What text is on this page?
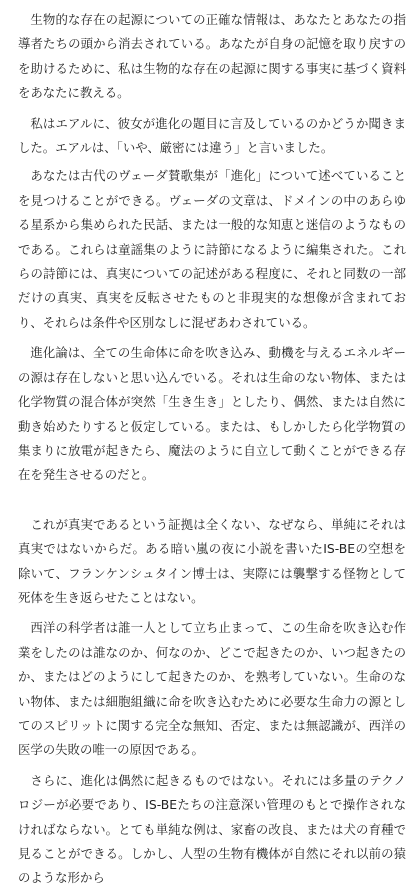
生物的な存在の起源についての正確な情報は、あなたとあなたの指導者たちの頭から消去されている。あなたが自身の記憶を取り戻すのを助けるために、私は生物的な存在の起源に関する事実に基づく資料をあなたに教える。

私はエアルに、彼女が進化の題目に言及しているのかどうか聞きました。エアルは、「いや、厳密には違う」と言いました。

あなたは古代のヴェーダ賛歌集が「進化」について述べていることを見つけることができる。ヴェーダの文章は、ドメインの中のあらゆる星系から集められた民話、または一般的な知恵と迷信のようなものである。これらは童謡集のように詩節になるように編集された。これらの詩節には、真実についての記述がある程度に、それと同数の一部だけの真実、真実を反転させたものと非現実的な想像が含まれており、それらは条件や区別なしに混ぜあわされている。

進化論は、全ての生命体に命を吹き込み、動機を与えるエネルギーの源は存在しないと思い込んでいる。それは生命のない物体、または化学物質の混合体が突然「生き生き」としたり、偶然、または自然に動き始めたりすると仮定している。または、もしかしたら化学物質の集まりに放電が起きたら、魔法のように自立して動くことができる存在を発生させるのだと。

これが真実であるという証拠は全くない、なぜなら、単純にそれは真実ではないからだ。ある暗い嵐の夜に小説を書いたIS-BEの空想を除いて、フランケンシュタイン博士は、実際には襲撃する怪物として死体を生き返らせたことはない。

西洋の科学者は誰一人として立ち止まって、この生命を吹き込む作業をしたのは誰なのか、何なのか、どこで起きたのか、いつ起きたのか、またはどのようにして起きたのか、を熟考していない。生命のない物体、または細胞組織に命を吹き込むために必要な生命力の源としてのスピリットに関する完全な無知、否定、または無認識が、西洋の医学の失敗の唯一の原因である。

さらに、進化は偶然に起きるものではない。それには多量のテクノロジーが必要であり、IS-BEたちの注意深い管理のもとで操作されなければならない。とても単純な例は、家畜の改良、または犬の育種で見ることができる。しかし、人型の生物有機体が自然にそれ以前の猿のような形から
